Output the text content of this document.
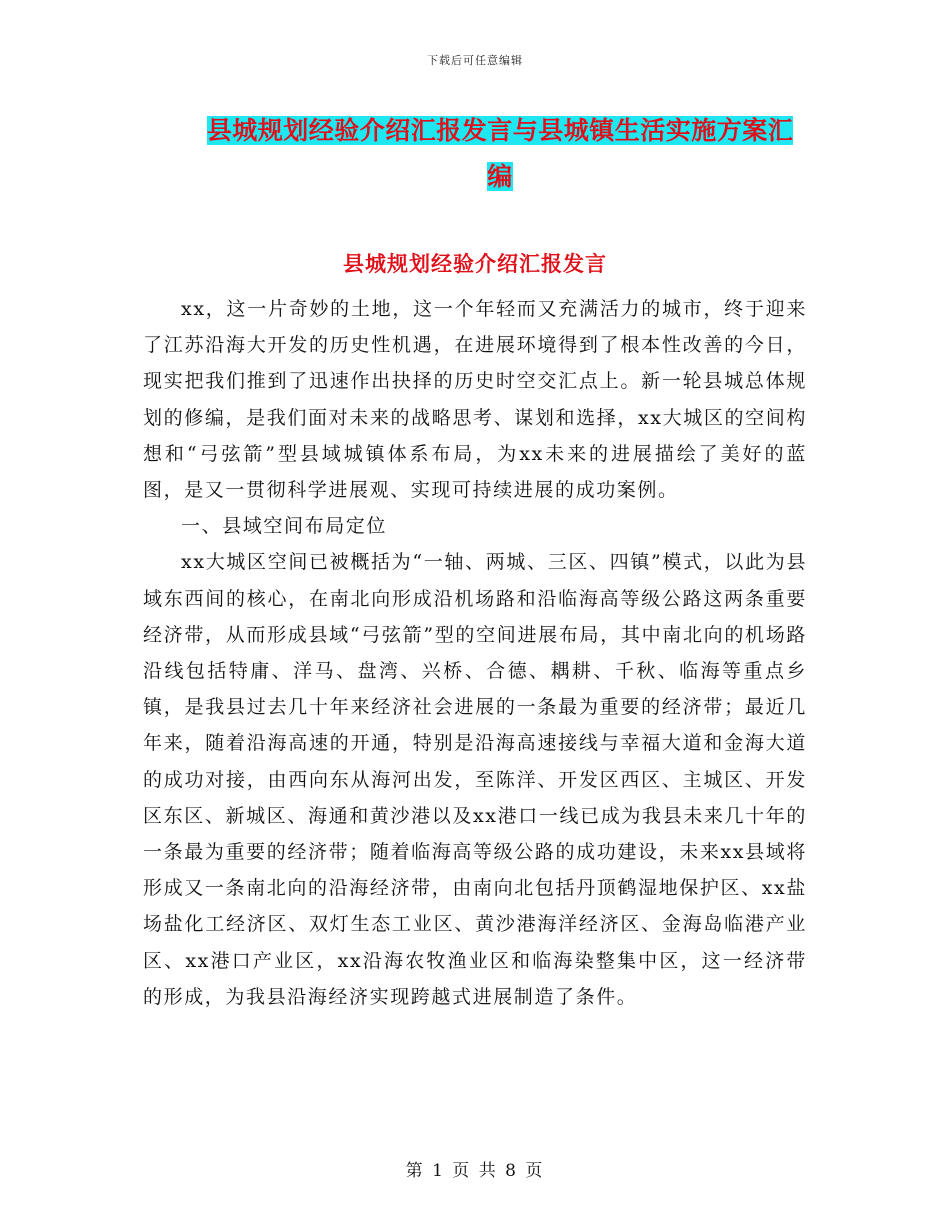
下载后可任意编辑
县城规划经验介绍汇报发言与县城镇生活实施方案汇编
县城规划经验介绍汇报发言

xx，这一片奇妙的土地，这一个年轻而又充满活力的城市，终于迎来了江苏沿海大开发的历史性机遇，在进展环境得到了根本性改善的今日，现实把我们推到了迅速作出抉择的历史时空交汇点上。新一轮县城总体规划的修编，是我们面对未来的战略思考、谋划和选择，xx大城区的空间构想和“弓弦箭”型县域城镇体系布局，为xx未来的进展描绘了美好的蓝图，是又一贯彻科学进展观、实现可持续进展的成功案例。

一、县域空间布局定位

xx大城区空间已被概括为“一轴、两城、三区、四镇”模式，以此为县域东西间的核心，在南北向形成沿机场路和沿临海高等级公路这两条重要经济带，从而形成县域“弓弦箭”型的空间进展布局，其中南北向的机场路沿线包括特庸、洋马、盘湾、兴桥、合德、耦耕、千秋、临海等重点乡镇，是我县过去几十年来经济社会进展的一条最为重要的经济带；最近几年来，随着沿海高速的开通，特别是沿海高速接线与幸福大道和金海大道的成功对接，由西向东从海河出发，至陈洋、开发区西区、主城区、开发区东区、新城区、海通和黄沙港以及xx港口一线已成为我县未来几十年的一条最为重要的经济带；随着临海高等级公路的成功建设，未来xx县域将形成又一条南北向的沿海经济带，由南向北包括丹顶鹤湿地保护区、xx盐场盐化工经济区、双灯生态工业区、黄沙港海洋经济区、金海岛临港产业区、xx港口产业区，xx沿海农牧渔业区和临海染整集中区，这一经济带的形成，为我县沿海经济实现跨越式进展制造了条件。

第 1 页 共 8 页
